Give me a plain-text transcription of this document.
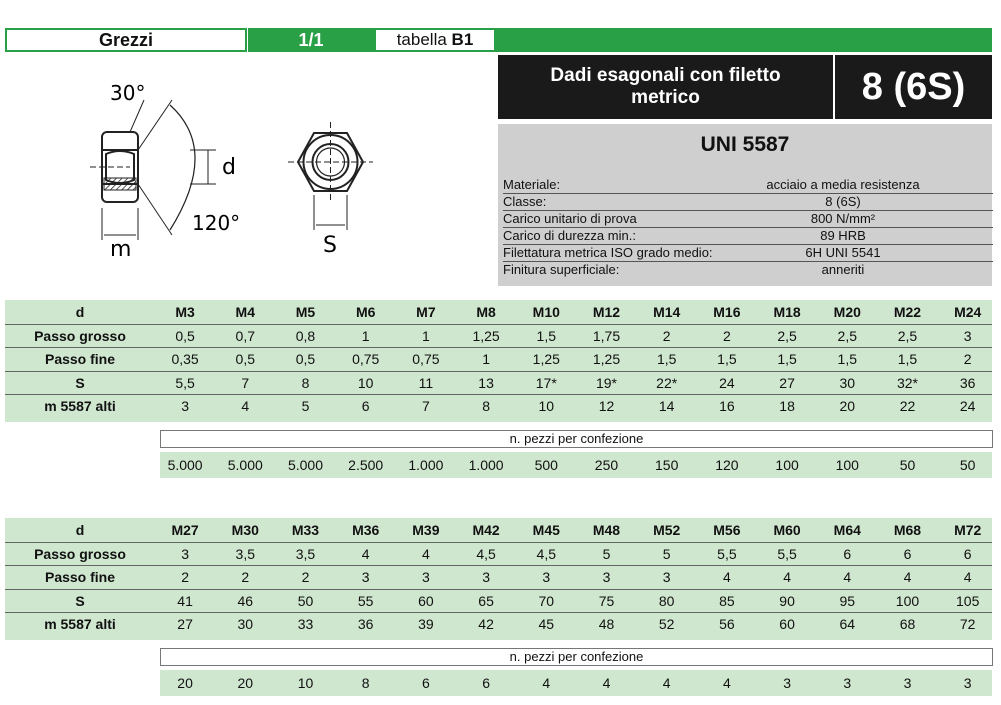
Grezzi	1/1	tabella B1
30°
120°
d
m	S
Dadi esagonali con filetto
metrico	8 (6S)
UNI 5587
Materiale:	acciaio a media resistenza
Classe:	8 (6S)
Carico unitario di prova	800 N/mm²
Carico di durezza min.:	89 HRB
Filettatura metrica ISO grado medio:	6H UNI 5541
Finitura superficiale:	anneriti
d	M3	M4	M5	M6	M7	M8	M10	M12	M14	M16	M18	M20	M22	M24
Passo grosso	0,5	0,7	0,8	1	1	1,25	1,5	1,75	2	2	2,5	2,5	2,5	3
Passo fine	0,35	0,5	0,5	0,75	0,75	1	1,25	1,25	1,5	1,5	1,5	1,5	1,5	2
S	5,5	7	8	10	11	13	17*	19*	22*	24	27	30	32*	36
m 5587 alti	3	4	5	6	7	8	10	12	14	16	18	20	22	24
n. pezzi per confezione
5.000	5.000	5.000	2.500	1.000	1.000	500	250	150	120	100	100	50	50
d	M27	M30	M33	M36	M39	M42	M45	M48	M52	M56	M60	M64	M68	M72
Passo grosso	3	3,5	3,5	4	4	4,5	4,5	5	5	5,5	5,5	6	6	6
Passo fine	2	2	2	3	3	3	3	3	3	4	4	4	4	4
S	41	46	50	55	60	65	70	75	80	85	90	95	100	105
m 5587 alti	27	30	33	36	39	42	45	48	52	56	60	64	68	72
n. pezzi per confezione
20	20	10	8	6	6	4	4	4	4	3	3	3	3
